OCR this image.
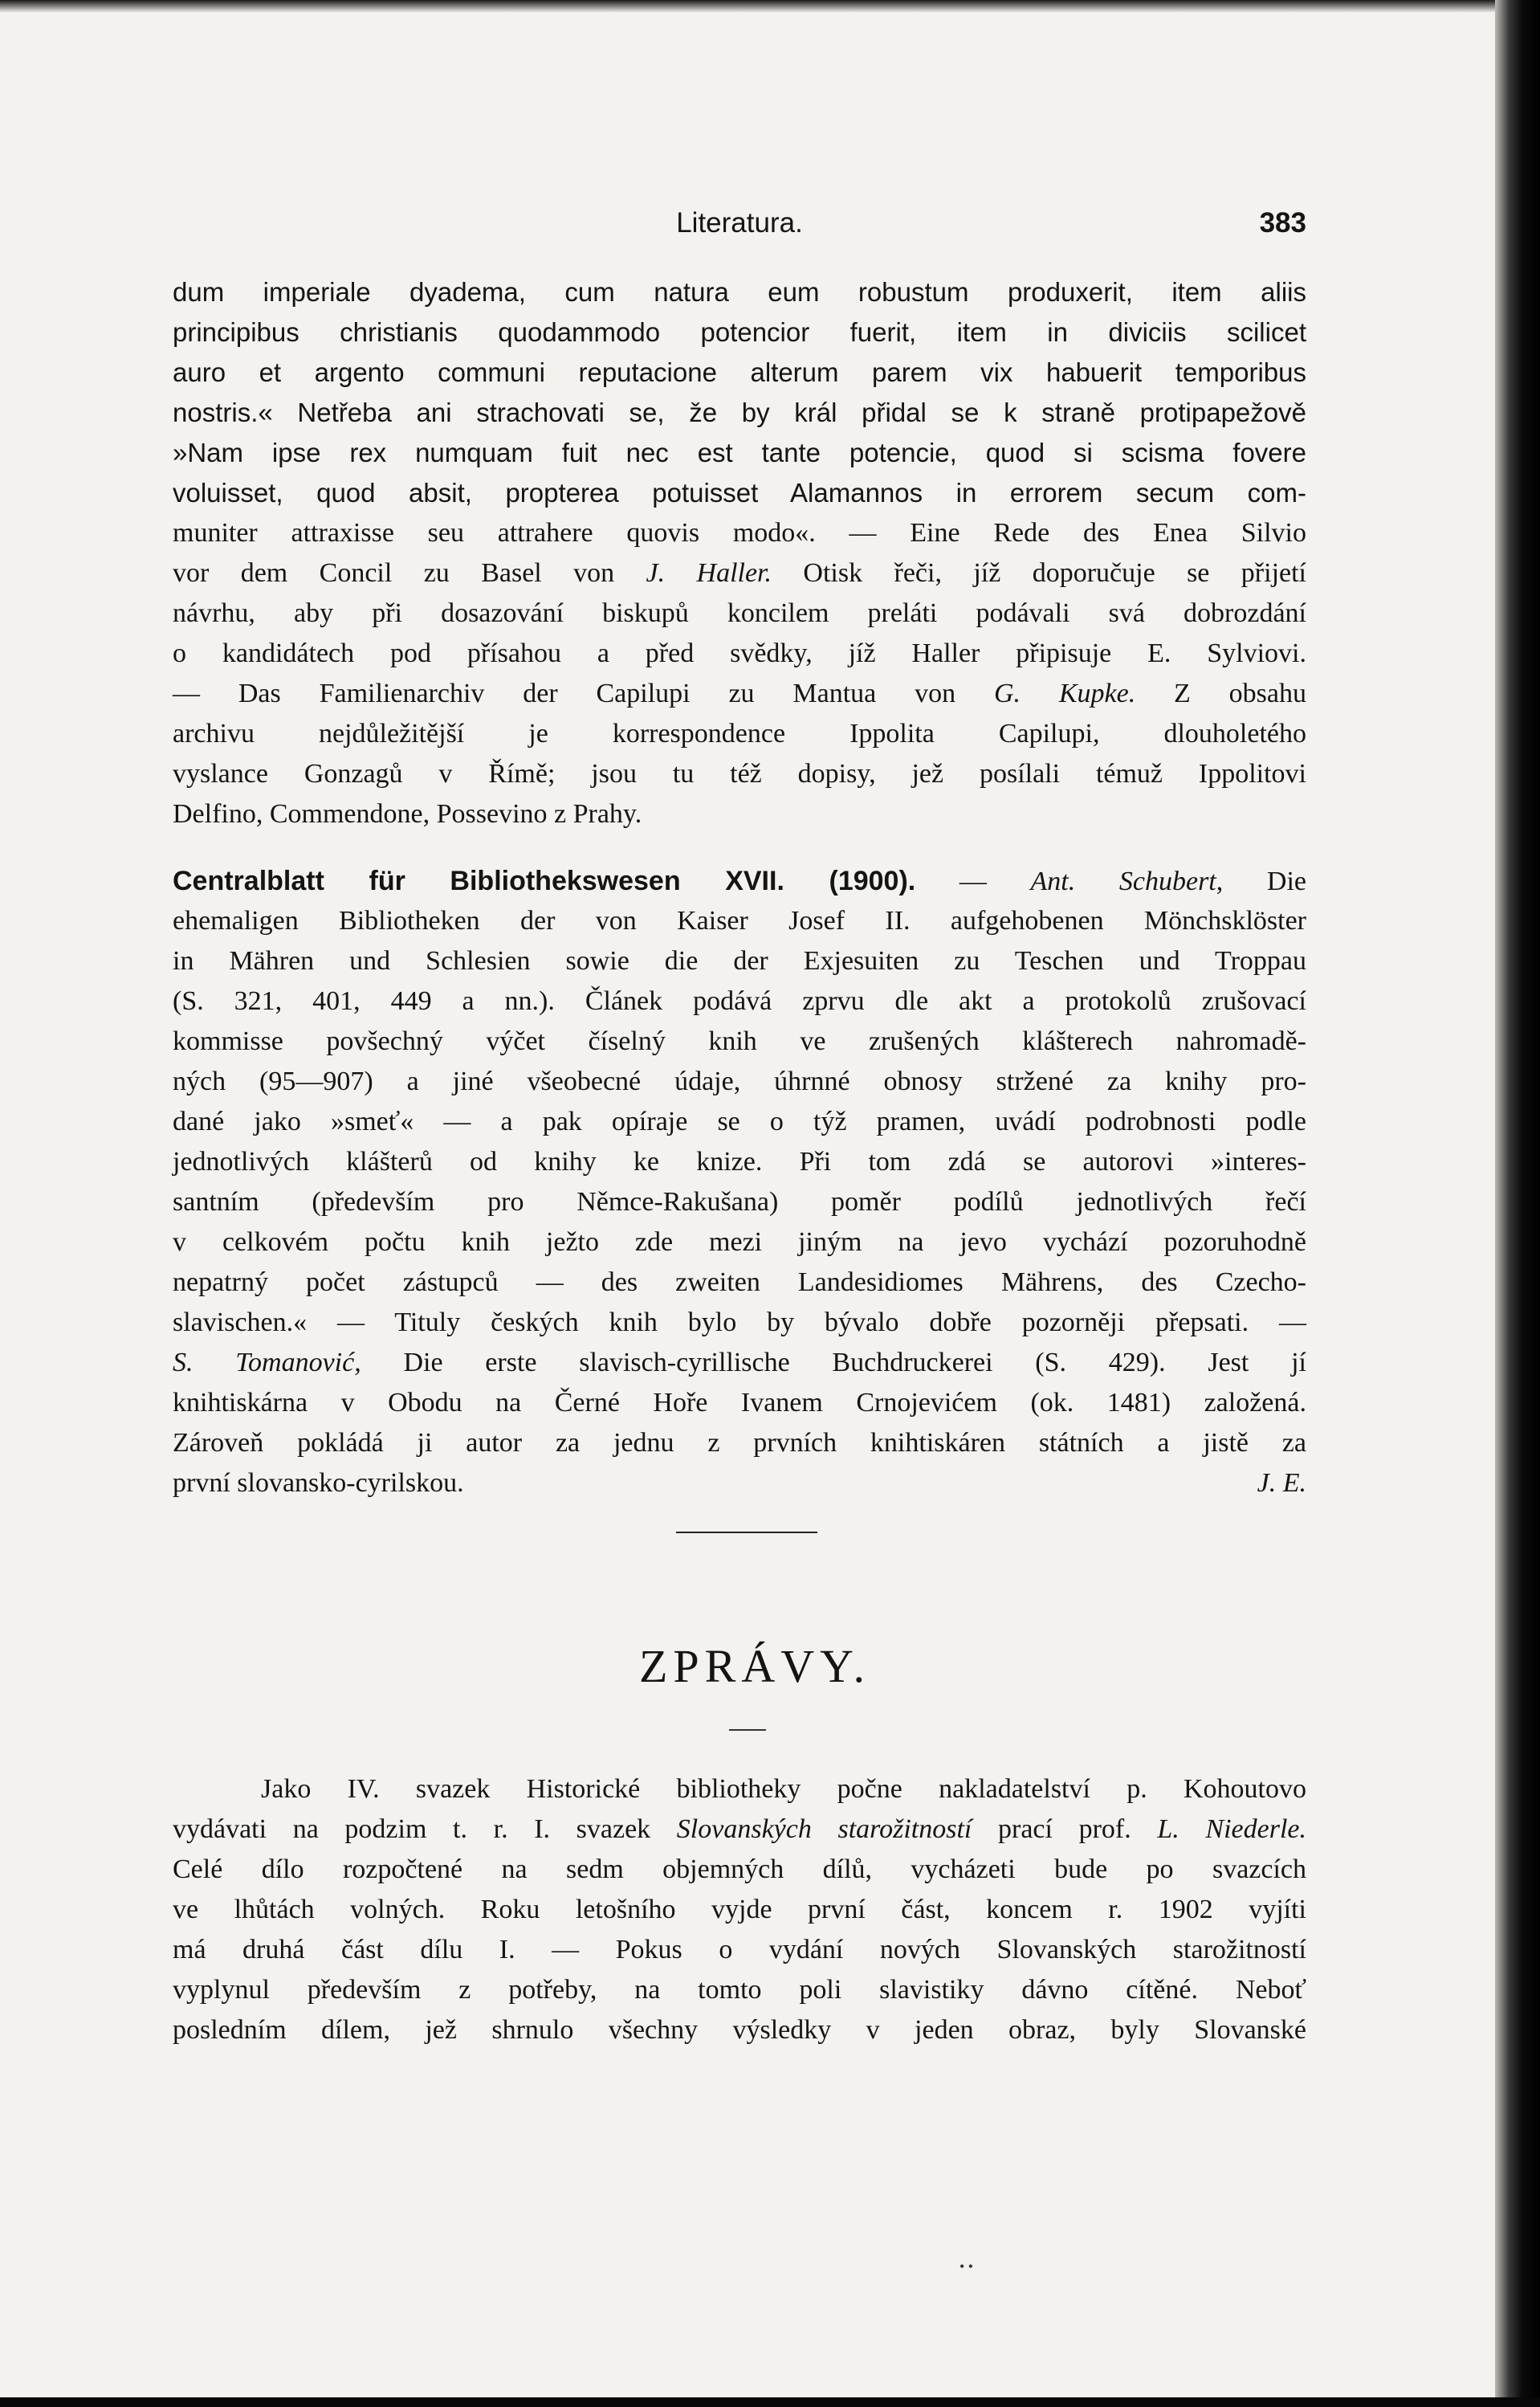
Literatura.	383
dum imperiale dyadema, cum natura eum robustum produxerit, item aliis
principibus christianis quodammodo potencior fuerit, item in diviciis scilicet
auro et argento communi reputacione alterum parem vix habuerit temporibus
nostris.« Netřeba ani strachovati se, že by král přidal se k straně protipapežově
»Nam ipse rex numquam fuit nec est tante potencie, quod si scisma fovere
voluisset, quod absit, propterea potuisset Alamannos in errorem secum com-
muniter attraxisse seu attrahere quovis modo«. — Eine Rede des Enea Silvio
vor dem Concil zu Basel von J. Haller. Otisk řeči, jíž doporučuje se přijetí
návrhu, aby při dosazování biskupů koncilem preláti podávali svá dobrozdání
o kandidátech pod přísahou a před svědky, jíž Haller připisuje E. Sylviovi.
— Das Familienarchiv der Capilupi zu Mantua von G. Kupke. Z obsahu
archivu nejdůležitější je korrespondence Ippolita Capilupi, dlouholetého
vyslance Gonzagů v Římě; jsou tu též dopisy, jež posílali témuž Ippolitovi
Delfino, Commendone, Possevino z Prahy.
Centralblatt für Bibliothekswesen XVII. (1900). — Ant. Schubert, Die
ehemaligen Bibliotheken der von Kaiser Josef II. aufgehobenen Mönchsklöster
in Mähren und Schlesien sowie die der Exjesuiten zu Teschen und Troppau
(S. 321, 401, 449 a nn.). Článek podává zprvu dle akt a protokolů zrušovací
kommisse povšechný výčet číselný knih ve zrušených klášterech nahromadě-
ných (95—907) a jiné všeobecné údaje, úhrnné obnosy stržené za knihy pro-
dané jako »smeť« — a pak opíraje se o týž pramen, uvádí podrobnosti podle
jednotlivých klášterů od knihy ke knize. Při tom zdá se autorovi »interes-
santním (především pro Němce-Rakušana) poměr podílů jednotlivých řečí
v celkovém počtu knih ježto zde mezi jiným na jevo vychází pozoruhodně
nepatrný počet zástupců — des zweiten Landesidiomes Mährens, des Czecho-
slavischen.« — Tituly českých knih bylo by bývalo dobře pozorněji přepsati. —
S. Tomanović, Die erste slavisch-cyrillische Buchdruckerei (S. 429). Jest jí
knihtiskárna v Obodu na Černé Hoře Ivanem Crnojevićem (ok. 1481) založená.
Zároveň pokládá ji autor za jednu z prvních knihtiskáren státních a jistě za
první slovansko-cyrilskou.	J. E.
ZPRÁVY.
Jako IV. svazek Historické bibliotheky počne nakladatelství p. Kohoutovo
vydávati na podzim t. r. I. svazek Slovanských starožitností prací prof. L. Niederle.
Celé dílo rozpočtené na sedm objemných dílů, vycházeti bude po svazcích
ve lhůtách volných. Roku letošního vyjde první část, koncem r. 1902 vyjíti
má druhá část dílu I. — Pokus o vydání nových Slovanských starožitností
vyplynul především z potřeby, na tomto poli slavistiky dávno cítěné. Neboť
posledním dílem, jež shrnulo všechny výsledky v jeden obraz, byly Slovanské
• •
